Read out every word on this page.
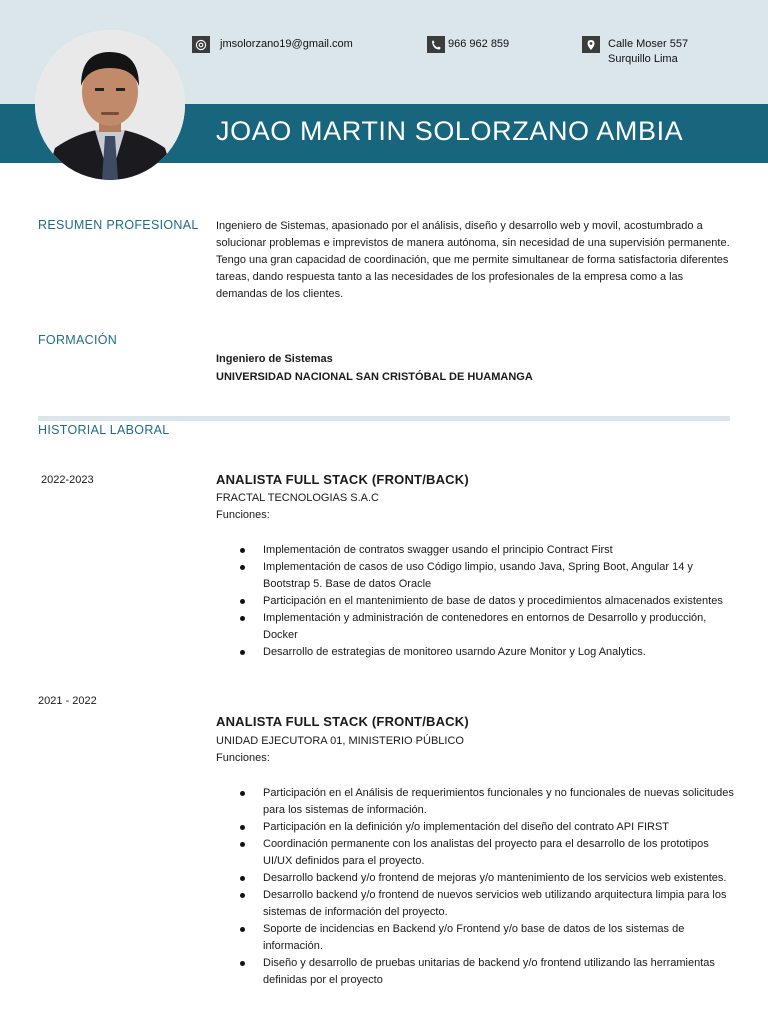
JOAO MARTIN SOLORZANO AMBIA
jmsolorzano19@gmail.com	966 962 859	Calle Moser 557
Surquillo Lima
RESUMEN PROFESIONAL Ingeniero de Sistemas, apasionado por el análisis, diseño y desarrollo web y movil, acostumbrado a solucionar problemas e imprevistos de manera autónoma, sin necesidad de una supervisión permanente. Tengo una gran capacidad de coordinación, que me permite simultanear de forma satisfactoria diferentes tareas, dando respuesta tanto a las necesidades de los profesionales de la empresa como a las demandas de los clientes.
FORMACIÓN
Ingeniero de Sistemas
UNIVERSIDAD NACIONAL SAN CRISTÓBAL DE HUAMANGA
HISTORIAL LABORAL
2022-2023	ANALISTA FULL STACK (FRONT/BACK)
FRACTAL TECNOLOGIAS S.A.C
Funciones:
Implementación de contratos swagger usando el principio Contract First
Implementación de casos de uso Código limpio, usando Java, Spring Boot, Angular 14 y Bootstrap 5. Base de datos Oracle
Participación en el mantenimiento de base de datos y procedimientos almacenados existentes
Implementación y administración de contenedores en entornos de Desarrollo y producción, Docker
Desarrollo de estrategias de monitoreo usarndo Azure Monitor y Log Analytics.
2021 - 2022
ANALISTA FULL STACK (FRONT/BACK)
UNIDAD EJECUTORA 01, MINISTERIO PÚBLICO
Funciones:
Participación en el Análisis de requerimientos funcionales y no funcionales de nuevas solicitudes para los sistemas de información.
Participación en la definición y/o implementación del diseño del contrato API FIRST
Coordinación permanente con los analistas del proyecto para el desarrollo de los prototipos UI/UX definidos para el proyecto.
Desarrollo backend y/o frontend de mejoras y/o mantenimiento de los servicios web existentes.
Desarrollo backend y/o frontend de nuevos servicios web utilizando arquitectura limpia para los sistemas de información del proyecto.
Soporte de incidencias en Backend y/o Frontend y/o base de datos de los sistemas de información.
Diseño y desarrollo de pruebas unitarias de backend y/o frontend utilizando las herramientas definidas por el proyecto
